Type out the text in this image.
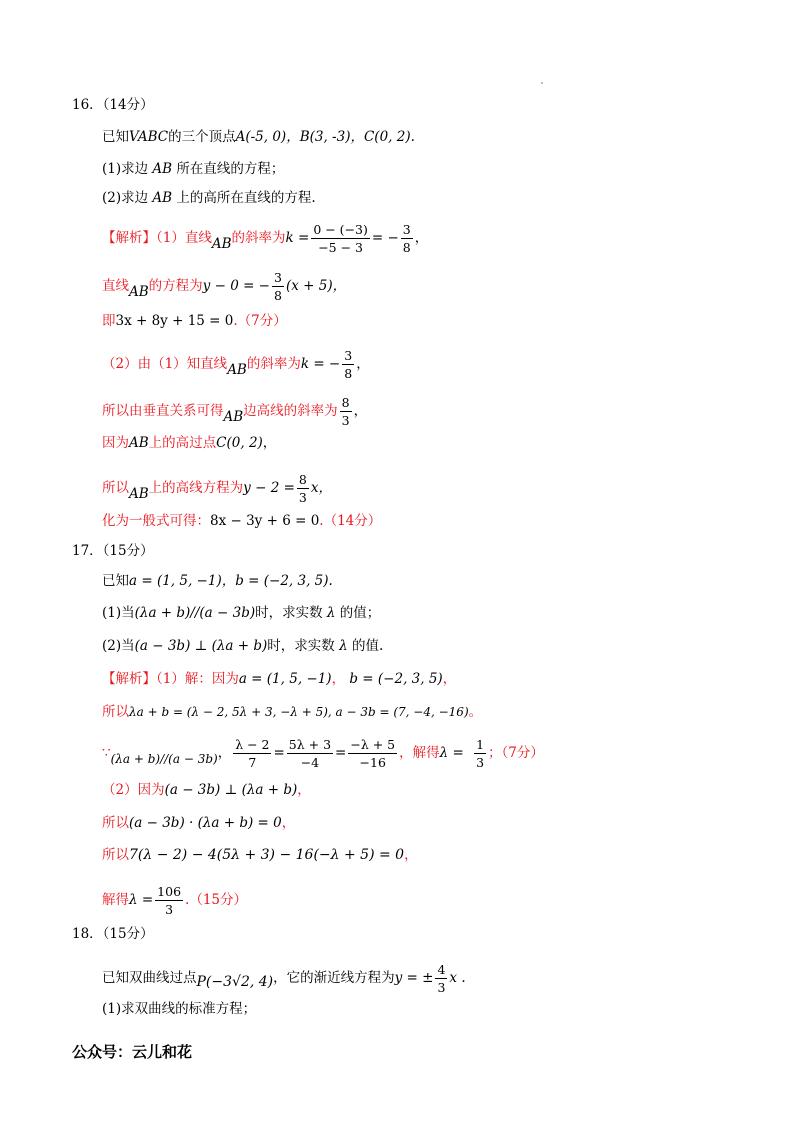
16．（14分）
已知VABC的三个顶点A(-5, 0)，B(3, -3)，C(0, 2).
(1)求边 AB 所在直线的方程；
(2)求边 AB 上的高所在直线的方程.
【解析】（1）直线AB的斜率为$k = \frac{0 - (-3)}{-5 - 3}$ = − $\frac{3}{8}$ ，
直线AB的方程为y − 0 = − $\frac{3}{8} (x + 5)$，
即3x + 8y + 15 = 0.（7分）
（2）由（1）知直线AB的斜率为k = − $\frac{3}{8}$ ，
所以由垂直关系可得AB边高线的斜率为 $\frac{8}{3}$ ，
因为AB上的高过点C(0, 2)，
所以AB上的高线方程为$y - 2 = \frac{8}{3}$ x，
化为一般式可得：8x − 3y + 6 = 0.（14分）
17．（15分）
已知a = (1, 5, −1)，b = (−2, 3, 5).
(1)当(λa + b)//(a − 3b)时，求实数 λ 的值；
(2)当(a − 3b) ⊥ (λa + b)时，求实数 λ 的值.
【解析】（1）解：因为a = (1, 5, −1)， b = (−2, 3, 5)，
所以λa + b = (λ − 2, 5λ + 3, −λ + 5), a − 3b = (7, −4, −16)。
∵(λa + b)//(a − 3b)， $\frac{\lambda - 2}{7} = \frac{5\lambda + 3}{-4} = \frac{-\lambda + 5}{-16}$ ，解得$\lambda = \frac{1}{3}$ ；（7分）
（2）因为(a − 3b) ⊥ (λa + b)，
所以(a − 3b) · (λa + b) = 0，
所以7(λ − 2) − 4(5λ + 3) − 16(−λ + 5) = 0，
解得$\lambda = \frac{106}{3} .(15$分）
18．（15分）
已知双曲线过点P(−3√2, 4)，它的渐近线方程为y = ± $\frac{4}{3}$ x .
(1)求双曲线的标准方程；
公众号：云儿和花
